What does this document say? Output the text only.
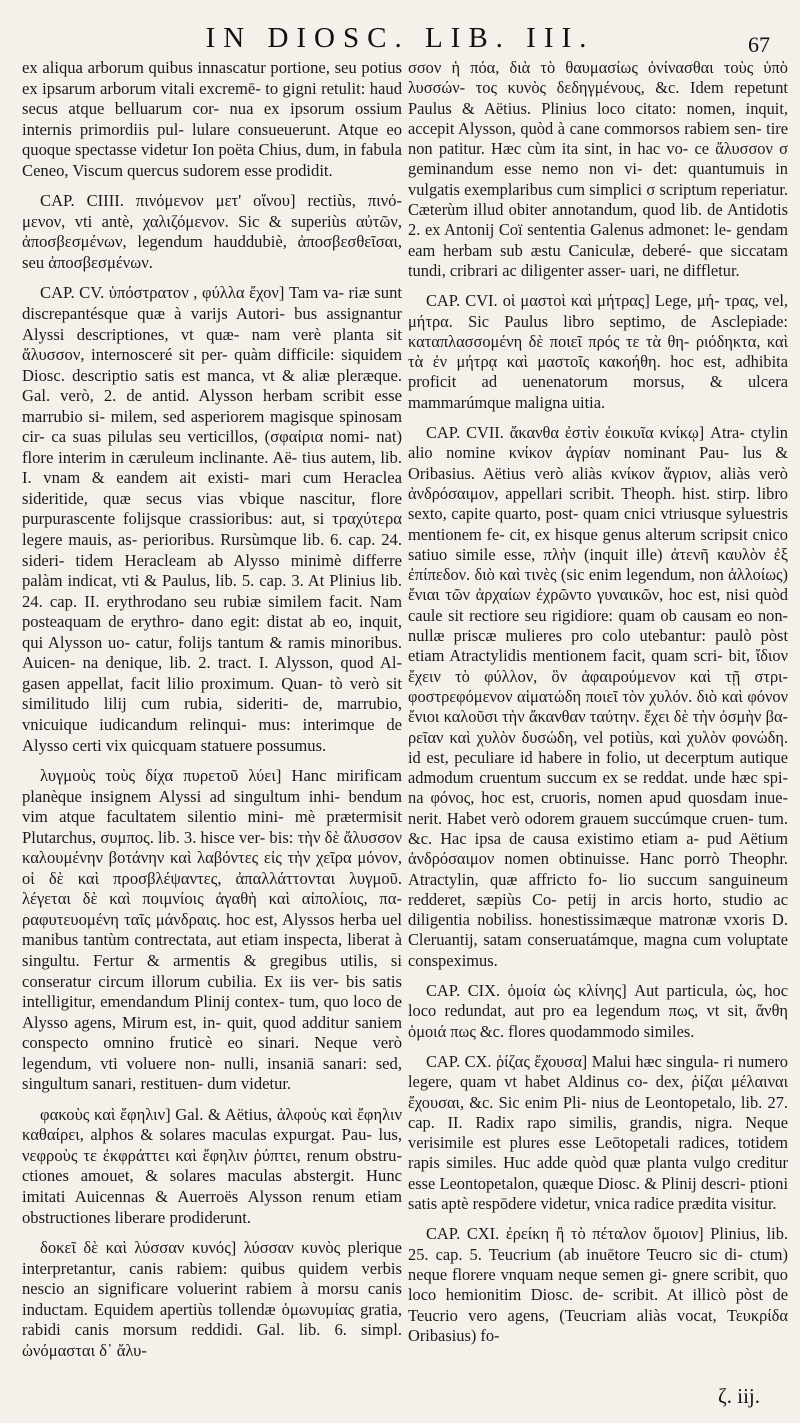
IN DIOSC. LIB. III.	67

ex aliqua arborum quibus innascatur portione, seu potius ex ipsarum arborum vitali excremē- to gigni retulit: haud secus atque belluarum cor- nua ex ipsorum ossium internis primordiis pul- lulare consueuerunt. Atque eo quoque spectasse videtur Ion poëta Chius, dum, in fabula Ceneo, Viscum quercus sudorem esse prodidit.

CAP. CIIII. πινόμενον μετ' οἴνου] rectiùs, πινό- μενον, vti antè, χαλιζόμενον. Sic & superiùs αὐτῶν, ἀποσβεσμένων, legendum hauddubiè, ἀποσβεσθεῖσαι, seu ἀποσβεσμένων.

CAP. CV. ὑπόστρατον , φύλλα ἔχον] Tam va- riæ sunt discrepantésque quæ à varijs Autori- bus assignantur Alyssi descriptiones, vt quæ- nam verè planta sit ἄλυσσον, internosceré sit per- quàm difficile: siquidem Diosc. descriptio satis est manca, vt & aliæ pleræque. Gal. verò, 2. de antid. Alysson herbam scribit esse marrubio si- milem, sed asperiorem magisque spinosam cir- ca suas pilulas seu verticillos, (σφαίρια nomi- nat) flore interim in cæruleum inclinante. Aë- tius autem, lib. I. vnam & eandem ait existi- mari cum Heraclea sideritide, quæ secus vias vbique nascitur, flore purpurascente folijsque crassioribus: aut, si τραχύτερα legere mauis, as- perioribus. Rursùmque lib. 6. cap. 24. sideri- tidem Heracleam ab Alysso minimè differre palàm indicat, vti & Paulus, lib. 5. cap. 3. At Plinius lib. 24. cap. II. erythrodano seu rubiæ similem facit. Nam posteaquam de erythro- dano egit: distat ab eo, inquit, qui Alysson uo- catur, folijs tantum & ramis minoribus. Auicen- na denique, lib. 2. tract. I. Alysson, quod Al- gasen appellat, facit lilio proximum. Quan- tò verò sit similitudo lilij cum rubia, sideriti- de, marrubio, vnicuique iudicandum relinqui- mus: interimque de Alysso certi vix quicquam statuere possumus.

λυγμοὺς τοὺς δίχα πυρετοῦ λύει] Hanc mirificam planèque insignem Alyssi ad singultum inhi- bendum vim atque facultatem silentio mini- mè prætermisit Plutarchus, συμπος. lib. 3. hisce ver- bis: τὴν δὲ ἄλυσσον καλουμένην βοτάνην καὶ λαβόντες εἰς τὴν χεῖρα μόνον, οἱ δὲ καὶ προσβλέψαντες, ἀπαλλάττονται λυγμοῦ. λέγεται δὲ καὶ ποιμνίοις ἀγαθὴ καὶ αἰπολίοις, πα- ραφυτευομένη ταῖς μάνδραις. hoc est, Alyssos herba uel manibus tantùm contrectata, aut etiam inspecta, liberat à singultu. Fertur & armentis & gregibus utilis, si conseratur circum illorum cubilia. Ex iis ver- bis satis intelligitur, emendandum Plinij contex- tum, quo loco de Alysso agens, Mirum est, in- quit, quod additur saniem conspecto omnino fruticè eo sinari. Neque verò legendum, vti voluere non- nulli, insaniā sanari: sed, singultum sanari, restituen- dum videtur.

φακοὺς καὶ ἔφηλιν] Gal. & Aëtius, ἀλφοὺς καὶ ἔφηλιν καθαίρει, alphos & solares maculas expurgat. Pau- lus, νεφροὺς τε ἐκφράττει καὶ ἔφηλιν ῥύπτει, renum obstru- ctiones amouet, & solares maculas abstergit. Hunc imitati Auicennas & Auerroës Alysson renum etiam obstructiones liberare prodiderunt.

δοκεῖ δὲ καὶ λύσσαν κυνός] λύσσαν κυνὸς plerique interpretantur, canis rabiem: quibus quidem verbis nescio an significare voluerint rabiem à morsu canis inductam. Equidem apertiùs tollendæ ὁμωνυμίας gratia, rabidi canis morsum reddidi. Gal. lib. 6. simpl. ὠνόμασται δ᾽ ἄλυ-

σσον ἡ πόα, διὰ τὸ θαυμασίως ὀνίνασθαι τοὺς ὑπὸ λυσσών- τος κυνὸς δεδηγμένους, &c. Idem repetunt Paulus & Aëtius. Plinius loco citato: nomen, inquit, accepit Alysson, quòd à cane commorsos rabiem sen- tire non patitur. Hæc cùm ita sint, in hac vo- ce ἄλυσσον σ geminandum esse nemo non vi- det: quantumuis in vulgatis exemplaribus cum simplici σ scriptum reperiatur. Cæterùm illud obiter annotandum, quod lib. de Antidotis 2. ex Antonij Coï sententia Galenus admonet: le- gendam eam herbam sub æstu Caniculæ, deberé- que siccatam tundi, cribrari ac diligenter asser- uari, ne diffletur.

CAP. CVI. οἱ μαστοὶ καὶ μήτρας] Lege, μή- τρας, vel, μήτρα. Sic Paulus libro septimo, de Asclepiade: καταπλασσομένη δὲ ποιεῖ πρός τε τὰ θη- ριόδηκτα, καὶ τὰ ἐν μήτρᾳ καὶ μαστοῖς κακοήθη. hoc est, adhibita proficit ad uenenatorum morsus, & ulcera mammarúmque maligna uitia.

CAP. CVII. ἄκανθα ἐστὶν ἐοικυῖα κνίκῳ] Atra- ctylin alio nomine κνίκον ἀγρίαν nominant Pau- lus & Oribasius. Aëtius verò aliàs κνίκον ἄγριον, aliàs verò ἀνδρόσαιμον, appellari scribit. Theoph. hist. stirp. libro sexto, capite quarto, post- quam cnici vtriusque syluestris mentionem fe- cit, ex hisque genus alterum scripsit cnico satiuo simile esse, πλὴν (inquit ille) ἀτενῆ καυλὸν ἐξ ἐπίπεδον. διὸ καὶ τινὲς (sic enim legendum, non ἀλλοίως) ἔνιαι τῶν ἀρχαίων ἐχρῶντο γυναικῶν, hoc est, nisi quòd caule sit rectiore seu rigidiore: quam ob causam eo non- nullæ priscæ mulieres pro colo utebantur: paulò pòst etiam Atractylidis mentionem facit, quam scri- bit, ἴδιον ἔχειν τὸ φύλλον, ὃν ἀφαιρούμενον καὶ τῇ στρι- φοστρεφόμενον αἱματώδη ποιεῖ τὸν χυλόν. διὸ καὶ φόνον ἔνιοι καλοῦσι τὴν ἄκανθαν ταύτην. ἔχει δὲ τὴν ὀσμὴν βα- ρεῖαν καὶ χυλὸν δυσώδη, vel potiùs, καὶ χυλὸν φονώδη. id est, peculiare id habere in folio, ut decerptum autique admodum cruentum succum ex se reddat. unde hæc spi- na φόνος, hoc est, cruoris, nomen apud quosdam inue- nerit. Habet verò odorem grauem succúmque cruen- tum. &c. Hac ipsa de causa existimo etiam a- pud Aëtium ἀνδρόσαιμον nomen obtinuisse. Hanc porrò Theophr. Atractylin, quæ affricto fo- lio succum sanguineum redderet, sæpiùs Co- petij in arcis horto, studio ac diligentia nobiliss. honestissimæque matronæ vxoris D. Cleruantij, satam conseruatámque, magna cum voluptate conspeximus.

CAP. CIX. ὁμοία ὡς κλίνης] Aut particula, ὡς, hoc loco redundat, aut pro ea legendum πως, vt sit, ἄνθη ὁμοιά πως &c. flores quodammodo similes.

CAP. CX. ῥίζας ἔχουσα] Malui hæc singula- ri numero legere, quam vt habet Aldinus co- dex, ῥίζαι μέλαιναι ἔχουσαι, &c. Sic enim Pli- nius de Leontopetalo, lib. 27. cap. II. Radix rapo similis, grandis, nigra. Neque verisimile est plures esse Leōtopetali radices, totidem rapis similes. Huc adde quòd quæ planta vulgo creditur esse Leontopetalon, quæque Diosc. & Plinij descri- ptioni satis aptè respōdere videtur, vnica radice prædita visitur.

CAP. CXI. ἐρείκη ἢ τὸ πέταλον ὅμοιον] Plinius, lib. 25. cap. 5. Teucrium (ab inuētore Teucro sic di- ctum) neque florere vnquam neque semen gi- gnere scribit, quo loco hemionitim Diosc. de- scribit. At illicò pòst de Teucrio vero agens, (Teucriam aliàs vocat, Τευκρίδα Oribasius) fo-

ζ. iij.
